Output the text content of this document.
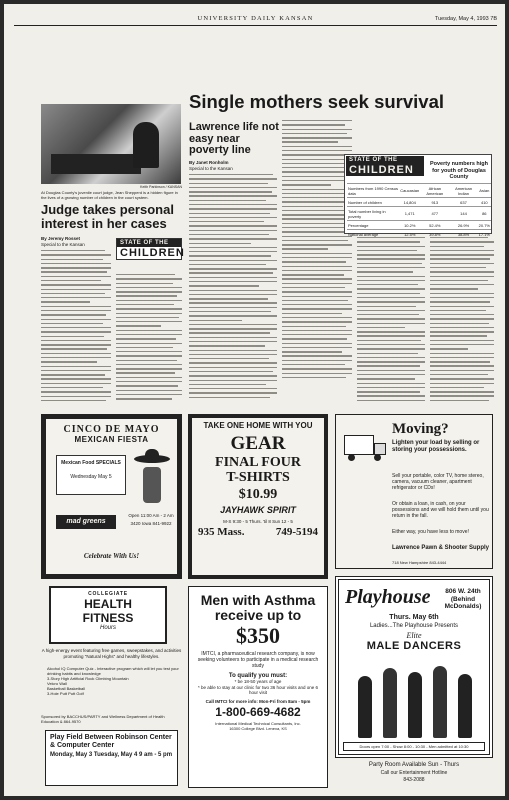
UNIVERSITY DAILY KANSAN	Tuesday, May 4, 1993 7B
Keith Parkinson / KANSAN
At Douglas County's juvenile court judge, Jean Shepperd is a hidden figure in the lives of a growing number of children in the court system.
Single mothers seek survival
Lawrence life not easy near poverty line
By Janet Ronholm
Special to the Kansan
STATE OF THE
CHILDREN	Poverty numbers high for youth of Douglas County
Numbers from 1990 Census data	Caucasian	African American	American Indian	Asian
Number of children	14,804	913	637	410
Total number living in poverty	1,471	477	144	86
Percentage	10.2%	52.4%	26.9%	20.7%
National average	12.5%	39.8%	38.8%	17.1%
Judge takes personal interest in her cases
By Jeremy Rosset
Special to the Kansan	STATE OF THE
CHILDREN
CINCO DE MAYO
MEXICAN FIESTA
Mexican Food SPECIALS
Wednesday May 5
Open 11:00 Am - 2 Am
3420 Iowa 841-9922
mad greens
Celebrate With Us!
TAKE ONE HOME WITH YOU
GEAR
FINAL FOUR
T-SHIRTS
$10.99
JAYHAWK SPIRIT
M-S 9:30 - 5 Thurs. 'til 8 Sun 12 - 5
935 Mass.	749-5194
Moving?
Lighten your load by selling or storing your possessions.
Sell your portable, color TV, home stereo, camera, vacuum cleaner, apartment refrigerator or CDs!
Or obtain a loan, in cash, on your possessions and we will hold them until you return in the fall.
Either way, you have less to move!
Lawrence Pawn & Shooter Supply
718 New Hampshire 843-4444
COLLEGIATE
HEALTH
FITNESS
Hours
A high-energy event featuring free games, sweepstakes, and activities promoting "Natural Highs" and healthy lifestyles.
Alcohol IQ Computer Quiz - Interactive program which will let you test your drinking habits and knowledge
3-Story High Artificial Rock Climbing Mountain
Velcro Wall
Basketball Basketball
3-Hole Putt Putt Golf
Sponsored by BACCHUS/PARTY and Wellness Department of Health Education & 864-9570
Play Field Between Robinson Center & Computer Center
Monday, May 3 Tuesday, May 4 9 am - 5 pm
Men with Asthma receive up to
$350
IMTCI, a pharmaceutical research company, is now seeking volunteers to participate in a medical research study
To qualify you must:
* be 18-50 years of age
* be able to stay at our clinic for two 36 hour visits and one 6 hour visit
Call IMTCI for more info: Mon-Fri from 8am - 5pm
1-800-669-4682
International Medical Technical Consultants, Inc.
16300 College Blvd. Lenexa, KS
Playhouse	806 W. 24th (Behind McDonalds)
Thurs. May 6th
Ladies...The Playhouse Presents
Elite
MALE DANCERS
Doors open 7:00 - Show 8:00 - 10:30 - Men admitted at 10:30
Party Room Available Sun - Thurs
Call our Entertainment Hotline
843-2088
